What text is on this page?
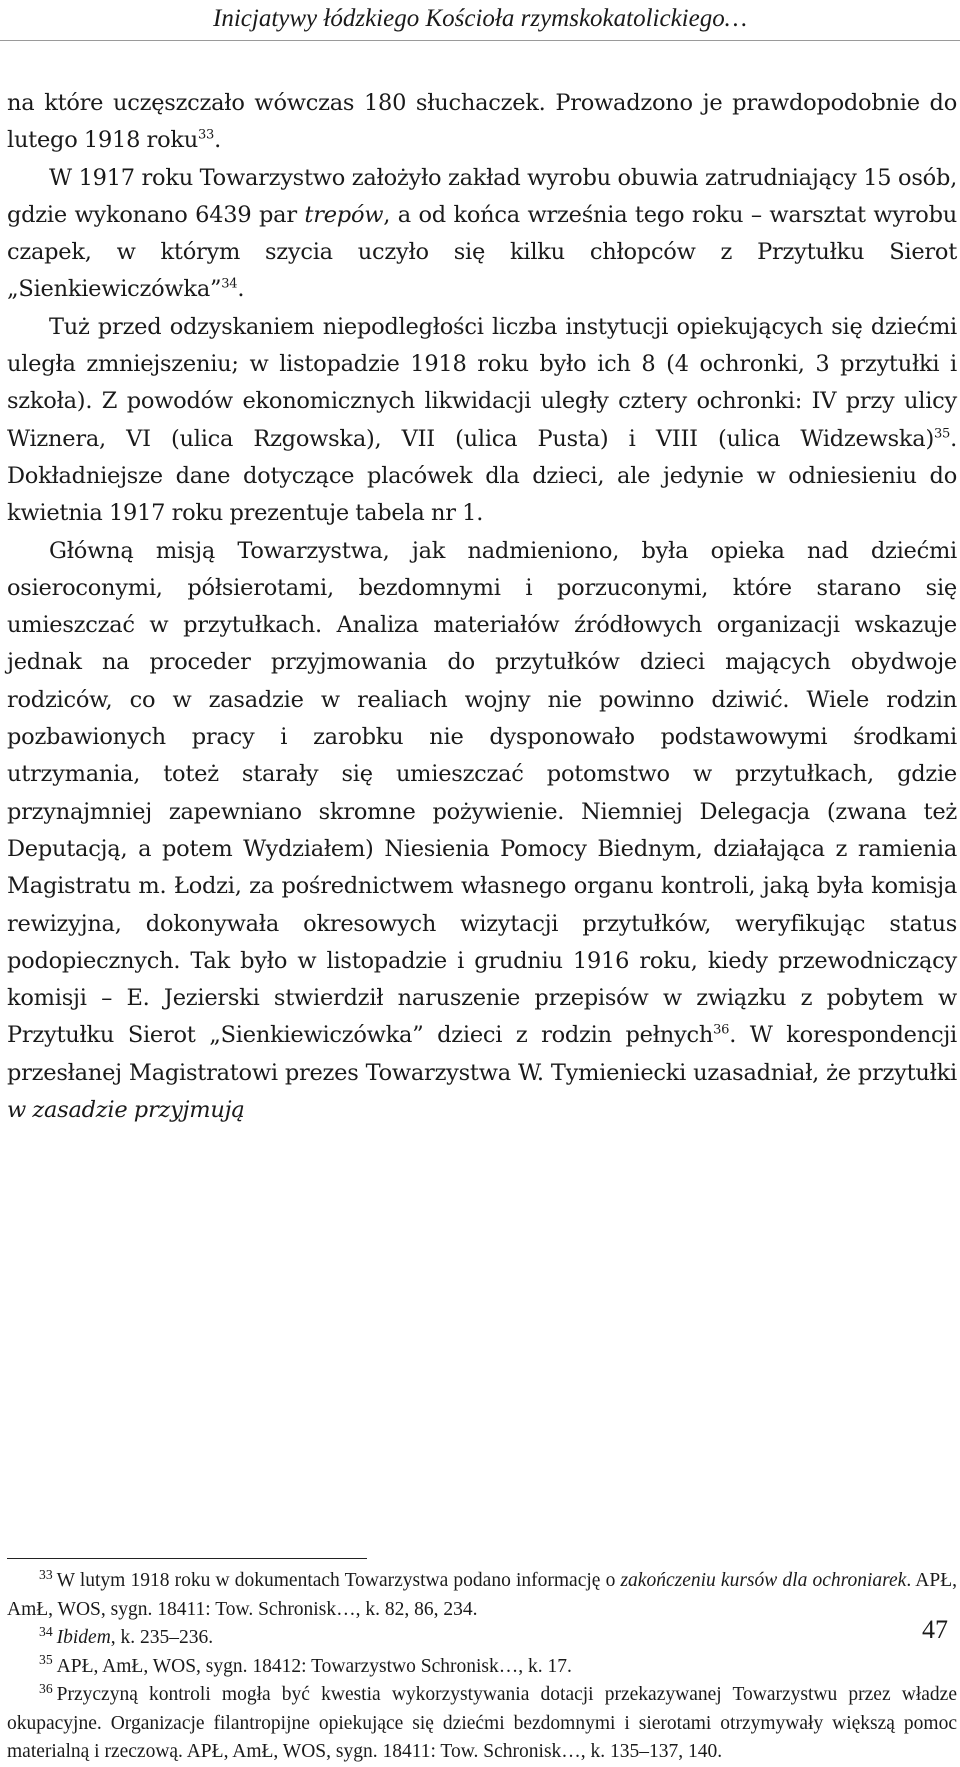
Inicjatywy łódzkiego Kościoła rzymskokatolickiego…

na które uczęszczało wówczas 180 słuchaczek. Prowadzono je prawdopodobnie do lutego 1918 roku$^{33}$.

W 1917 roku Towarzystwo założyło zakład wyrobu obuwia zatrudniający 15 osób, gdzie wykonano 6439 par trepów, a od końca września tego roku – warsztat wyrobu czapek, w którym szycia uczyło się kilku chłopców z Przytułku Sierot „Sienkiewiczówka”$^{34}$.

Tuż przed odzyskaniem niepodległości liczba instytucji opiekujących się dziećmi uległa zmniejszeniu; w listopadzie 1918 roku było ich 8 (4 ochronki, 3 przytułki i szkoła). Z powodów ekonomicznych likwidacji uległy cztery ochronki: IV przy ulicy Wiznera, VI (ulica Rzgowska), VII (ulica Pusta) i VIII (ulica Widzewska)$^{35}$. Dokładniejsze dane dotyczące placówek dla dzieci, ale jedynie w odniesieniu do kwietnia 1917 roku prezentuje tabela nr 1.

Główną misją Towarzystwa, jak nadmieniono, była opieka nad dziećmi osieroconymi, półsierotami, bezdomnymi i porzuconymi, które starano się umieszczać w przytułkach. Analiza materiałów źródłowych organizacji wskazuje jednak na proceder przyjmowania do przytułków dzieci mających obydwoje rodziców, co w zasadzie w realiach wojny nie powinno dziwić. Wiele rodzin pozbawionych pracy i zarobku nie dysponowało podstawowymi środkami utrzymania, toteż starały się umieszczać potomstwo w przytułkach, gdzie przynajmniej zapewniano skromne pożywienie. Niemniej Delegacja (zwana też Deputacją, a potem Wydziałem) Niesienia Pomocy Biednym, działająca z ramienia Magistratu m. Łodzi, za pośrednictwem własnego organu kontroli, jaką była komisja rewizyjna, dokonywała okresowych wizytacji przytułków, weryfikując status podopiecznych. Tak było w listopadzie i grudniu 1916 roku, kiedy przewodniczący komisji – E. Jezierski stwierdził naruszenie przepisów w związku z pobytem w Przytułku Sierot „Sienkiewiczówka” dzieci z rodzin pełnych$^{36}$. W korespondencji przesłanej Magistratowi prezes Towarzystwa W. Tymieniecki uzasadniał, że przytułki w zasadzie przyjmują

$^{33}$ W lutym 1918 roku w dokumentach Towarzystwa podano informację o zakończeniu kursów dla ochroniarek. APŁ, AmŁ, WOS, sygn. 18411: Tow. Schronisk…, k. 82, 86, 234.

$^{34}$ Ibidem, k. 235–236.

$^{35}$ APŁ, AmŁ, WOS, sygn. 18412: Towarzystwo Schronisk…, k. 17.

$^{36}$ Przyczyną kontroli mogła być kwestia wykorzystywania dotacji przekazywanej Towarzystwu przez władze okupacyjne. Organizacje filantropijne opiekujące się dziećmi bezdomnymi i sierotami otrzymywały większą pomoc materialną i rzeczową. APŁ, AmŁ, WOS, sygn. 18411: Tow. Schronisk…, k. 135–137, 140.

47
